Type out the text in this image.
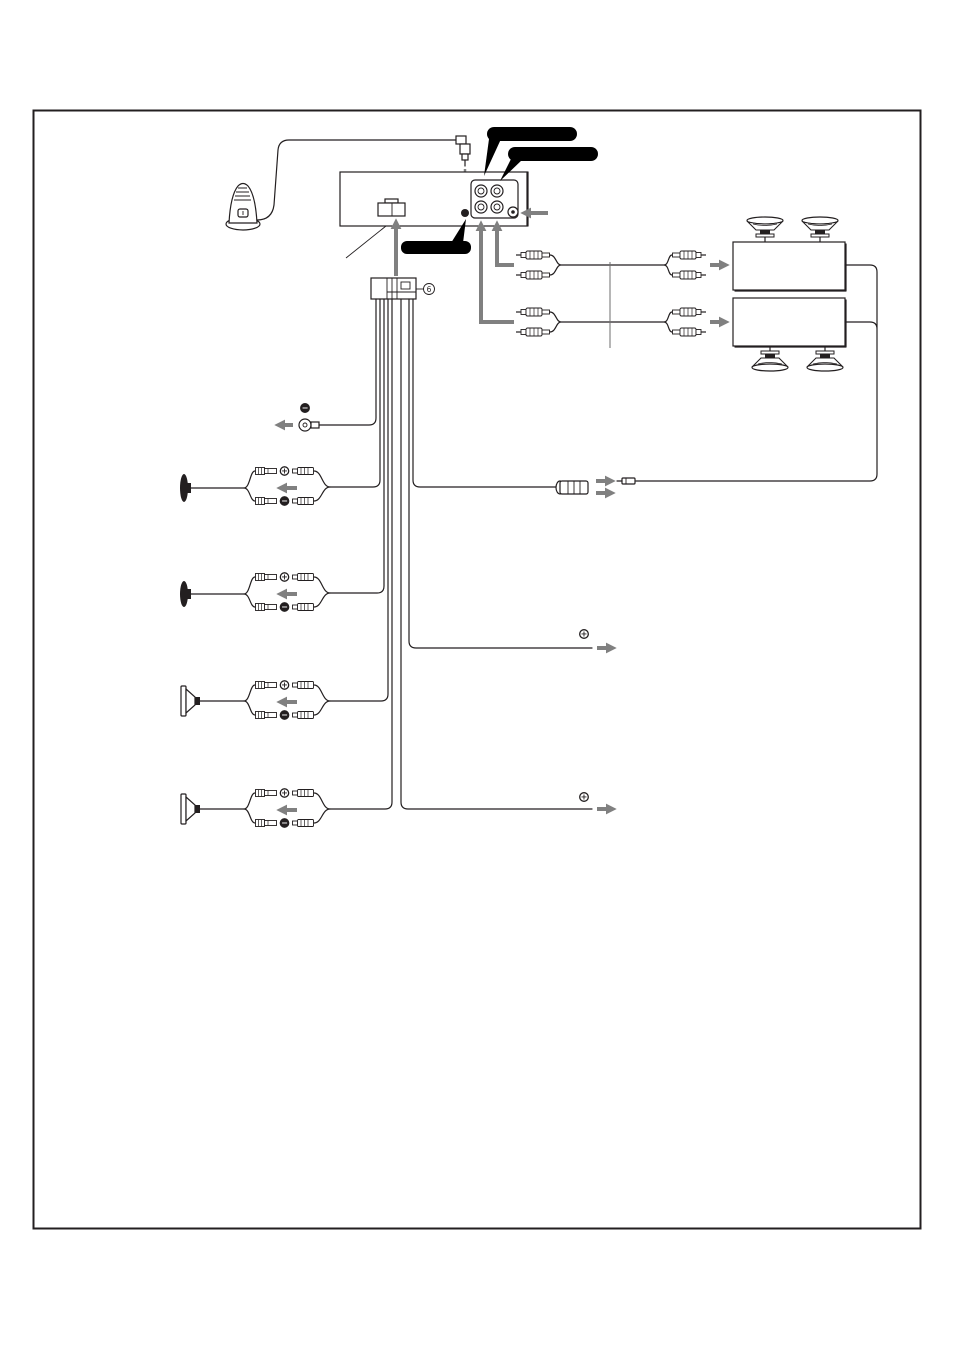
6
−
+
+
+
−
+
−
+
−
+
−
